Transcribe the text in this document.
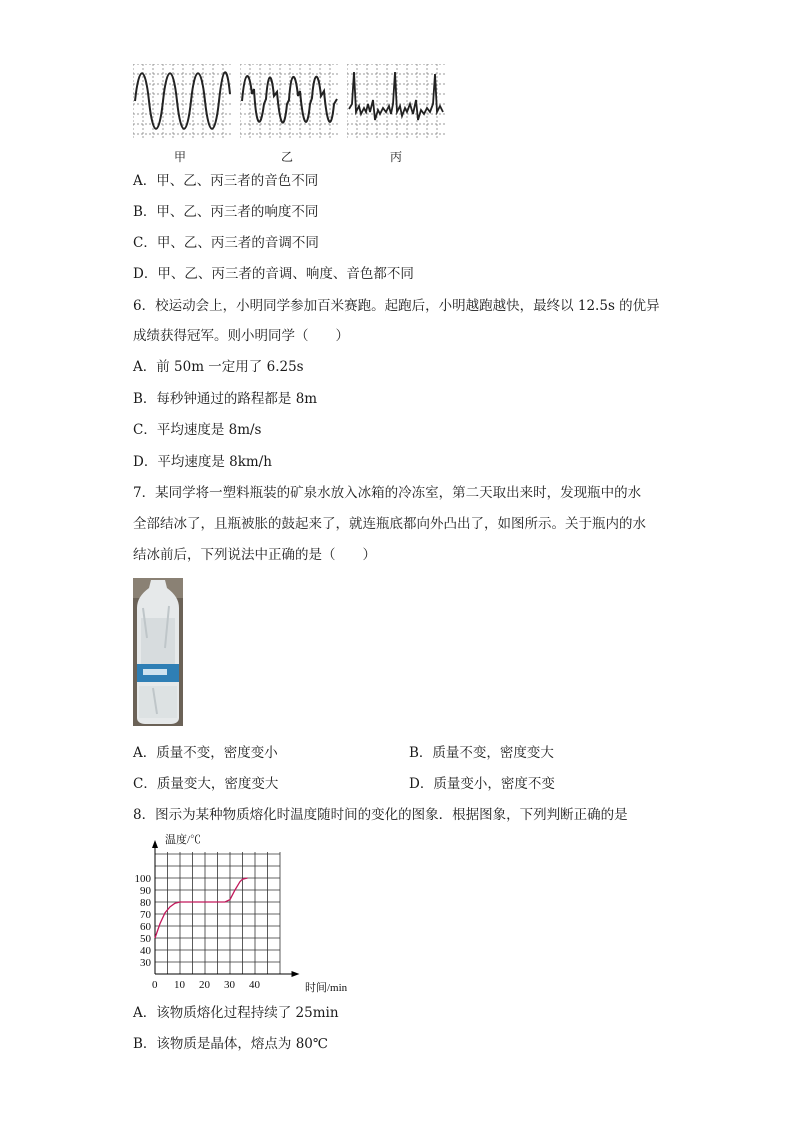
甲	乙	丙
A．甲、乙、丙三者的音色不同
B．甲、乙、丙三者的响度不同
C．甲、乙、丙三者的音调不同
D．甲、乙、丙三者的音调、响度、音色都不同
6．校运动会上，小明同学参加百米赛跑。起跑后，小明越跑越快，最终以 12.5s 的优异
成绩获得冠军。则小明同学（　　）
A．前 50m 一定用了 6.25s
B．每秒钟通过的路程都是 8m
C．平均速度是 8m/s
D．平均速度是 8km/h
7．某同学将一塑料瓶装的矿泉水放入冰箱的冷冻室，第二天取出来时，发现瓶中的水
全部结冰了，且瓶被胀的鼓起来了，就连瓶底都向外凸出了，如图所示。关于瓶内的水
结冰前后，下列说法中正确的是（　　）
A．质量不变，密度变小	B．质量不变，密度变大
C．质量变大，密度变大	D．质量变小，密度不变
8．图示为某种物质熔化时温度随时间的变化的图象．根据图象，下列判断正确的是
0 10 20 30 40
30
40
50
60
70
80
90
100
温度/℃
时间/min
A．该物质熔化过程持续了 25min
B．该物质是晶体，熔点为 80℃
